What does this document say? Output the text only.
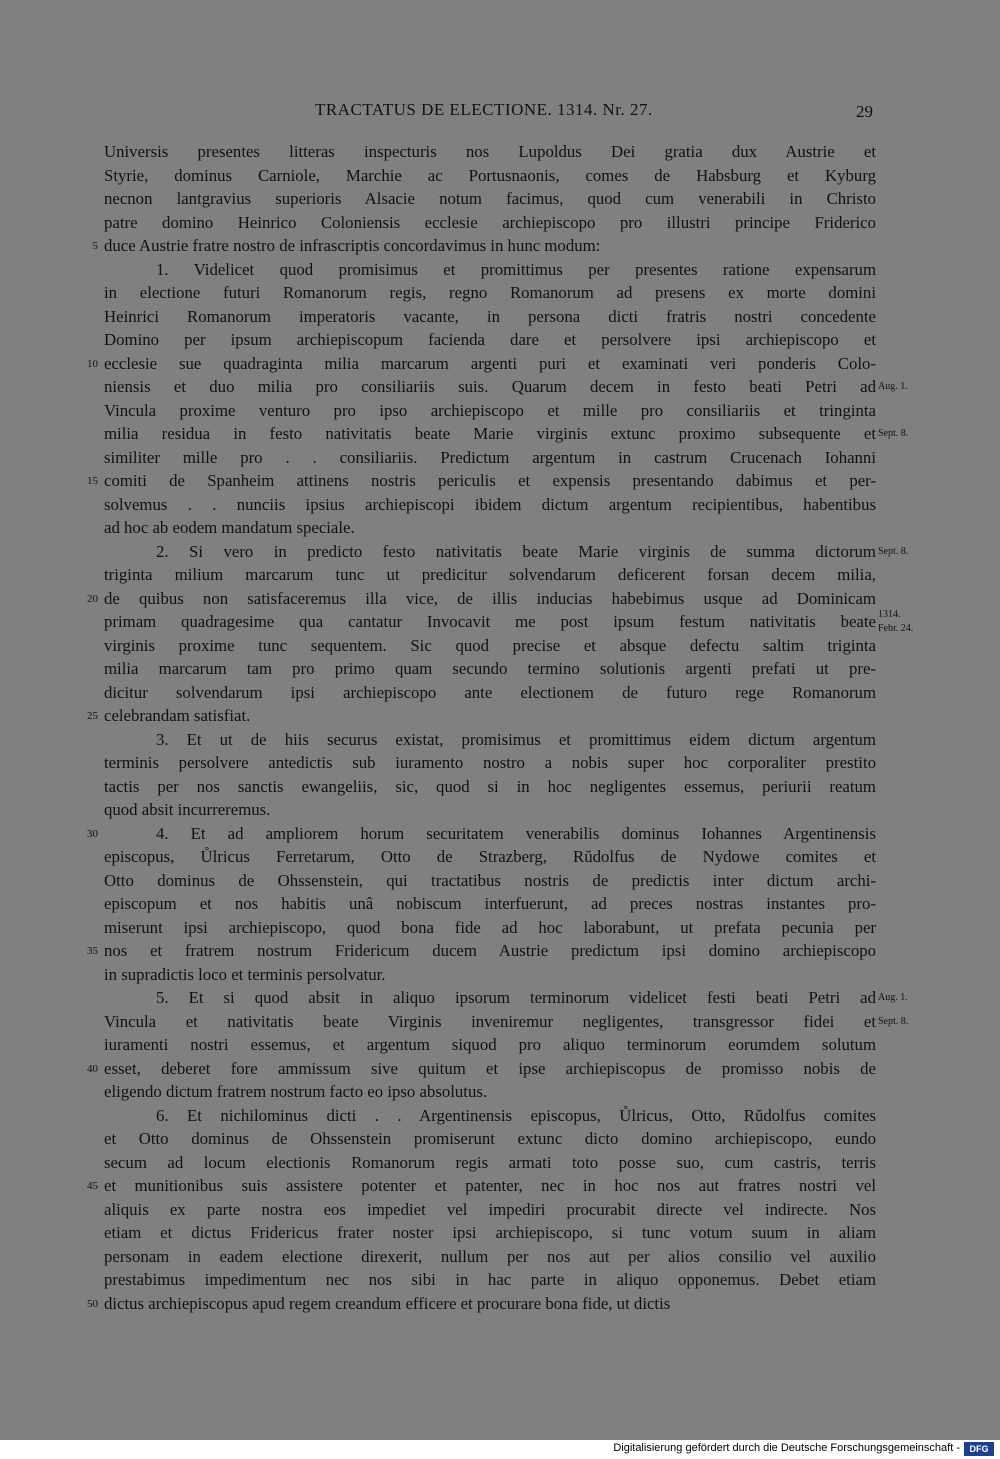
TRACTATUS DE ELECTIONE. 1314. Nr. 27.	29
Universis presentes litteras inspecturis nos Lupoldus Dei gratia dux Austrie et
Styrie, dominus Carniole, Marchie ac Portusnaonis, comes de Habsburg et Kyburg
necnon lantgravius superioris Alsacie notum facimus, quod cum venerabili in Christo
patre domino Heinrico Coloniensis ecclesie archiepiscopo pro illustri principe Friderico
duce Austrie fratre nostro de infrascriptis concordavimus in hunc modum:
1. Videlicet quod promisimus et promittimus per presentes ratione expensarum
in electione futuri Romanorum regis, regno Romanorum ad presens ex morte domini
Heinrici Romanorum imperatoris vacante, in persona dicti fratris nostri concedente
Domino per ipsum archiepiscopum facienda dare et persolvere ipsi archiepiscopo et
ecclesie sue quadraginta milia marcarum argenti puri et examinati veri ponderis Colo-
niensis et duo milia pro consiliariis suis. Quarum decem in festo beati Petri ad
Vincula proxime venturo pro ipso archiepiscopo et mille pro consiliariis et tringinta
milia residua in festo nativitatis beate Marie virginis extunc proximo subsequente et
similiter mille pro . . consiliariis. Predictum argentum in castrum Crucenach Iohanni
comiti de Spanheim attinens nostris periculis et expensis presentando dabimus et per-
solvemus . . nunciis ipsius archiepiscopi ibidem dictum argentum recipientibus, habentibus
ad hoc ab eodem mandatum speciale.
2. Si vero in predicto festo nativitatis beate Marie virginis de summa dictorum
triginta milium marcarum tunc ut predicitur solvendarum deficerent forsan decem milia,
de quibus non satisfaceremus illa vice, de illis inducias habebimus usque ad Dominicam
primam quadragesime qua cantatur Invocavit me post ipsum festum nativitatis beate
virginis proxime tunc sequentem. Sic quod precise et absque defectu saltim triginta
milia marcarum tam pro primo quam secundo termino solutionis argenti prefati ut pre-
dicitur solvendarum ipsi archiepiscopo ante electionem de futuro rege Romanorum
celebrandam satisfiat.
3. Et ut de hiis securus existat, promisimus et promittimus eidem dictum argentum
terminis persolvere antedictis sub iuramento nostro a nobis super hoc corporaliter prestito
tactis per nos sanctis ewangeliis, sic, quod si in hoc negligentes essemus, periurii reatum
quod absit incurreremus.
4. Et ad ampliorem horum securitatem venerabilis dominus Iohannes Argentinensis
episcopus, Ůlricus Ferretarum, Otto de Strazberg, Rŭdolfus de Nydowe comites et
Otto dominus de Ohssenstein, qui tractatibus nostris de predictis inter dictum archi-
episcopum et nos habitis unâ nobiscum interfuerunt, ad preces nostras instantes pro-
miserunt ipsi archiepiscopo, quod bona fide ad hoc laborabunt, ut prefata pecunia per
nos et fratrem nostrum Fridericum ducem Austrie predictum ipsi domino archiepiscopo
in supradictis loco et terminis persolvatur.
5. Et si quod absit in aliquo ipsorum terminorum videlicet festi beati Petri ad
Vincula et nativitatis beate Virginis inveniremur negligentes, transgressor fidei et
iuramenti nostri essemus, et argentum siquod pro aliquo terminorum eorumdem solutum
esset, deberet fore ammissum sive quitum et ipse archiepiscopus de promisso nobis de
eligendo dictum fratrem nostrum facto eo ipso absolutus.
6. Et nichilominus dicti . . Argentinensis episcopus, Ůlricus, Otto, Rŭdolfus comites
et Otto dominus de Ohssenstein promiserunt extunc dicto domino archiepiscopo, eundo
secum ad locum electionis Romanorum regis armati toto posse suo, cum castris, terris
et munitionibus suis assistere potenter et patenter, nec in hoc nos aut fratres nostri vel
aliquis ex parte nostra eos impediet vel impediri procurabit directe vel indirecte. Nos
etiam et dictus Fridericus frater noster ipsi archiepiscopo, si tunc votum suum in aliam
personam in eadem electione direxerit, nullum per nos aut per alios consilio vel auxilio
prestabimus impedimentum nec nos sibi in hac parte in aliquo opponemus. Debet etiam
dictus archiepiscopus apud regem creandum efficere et procurare bona fide, ut dictis
5
10
15
20
25
30
35
40
45
50
Aug. 1.
Sept. 8.
Sept. 8.
1314.
Febr. 24.
Aug. 1.
Sept. 8.
Digitalisierung gefördert durch die Deutsche Forschungsgemeinschaft -	DFG
